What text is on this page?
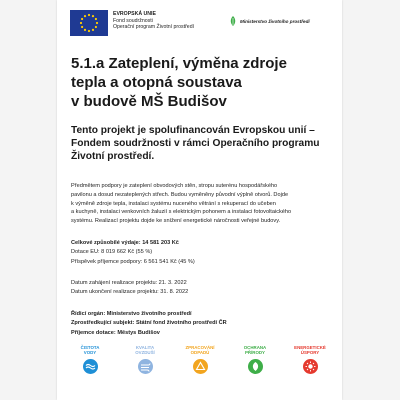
EVROPSKÁ UNIE
Fond soudržnosti
Operační program Životní prostředí
Ministerstvo životního prostředí
5.1.a Zateplení, výměna zdroje
tepla a otopná soustava
v budově MŠ Budišov
Tento projekt je spolufinancován Evropskou unií –
Fondem soudržnosti v rámci Operačního programu
Životní prostředí.
Předmětem podpory je zateplení obvodových stěn, stropu suterénu hospodářského
pavilonu a dosud nezateplených střech. Budou vyměněny původní výplně otvorů. Dojde
k výměně zdroje tepla, instalaci systému nuceného větrání s rekuperací do učeben
a kuchyně, instalaci venkovních žaluzií s elektrickým pohonem a instalaci fotovoltaického
systému. Realizací projektu dojde ke snížení energetické náročnosti veřejné budovy.
Celkové způsobilé výdaje: 14 581 203 Kč
Dotace EU: 8 019 662 Kč (55 %)
Příspěvek příjemce podpory: 6 561 541 Kč (45 %)
Datum zahájení realizace projektu: 21. 3. 2022
Datum ukončení realizace projektu: 31. 8. 2022
Řídicí orgán: Ministerstvo životního prostředí
Zprostředkující subjekt: Státní fond životního prostředí ČR
Příjemce dotace: Městys Budišov
ČISTOTA
VODY
KVALITA
OVZDUŠÍ
ZPRACOVÁNÍ
ODPADŮ
OCHRANA
PŘÍRODY
ENERGETICKÉ
ÚSPORY
